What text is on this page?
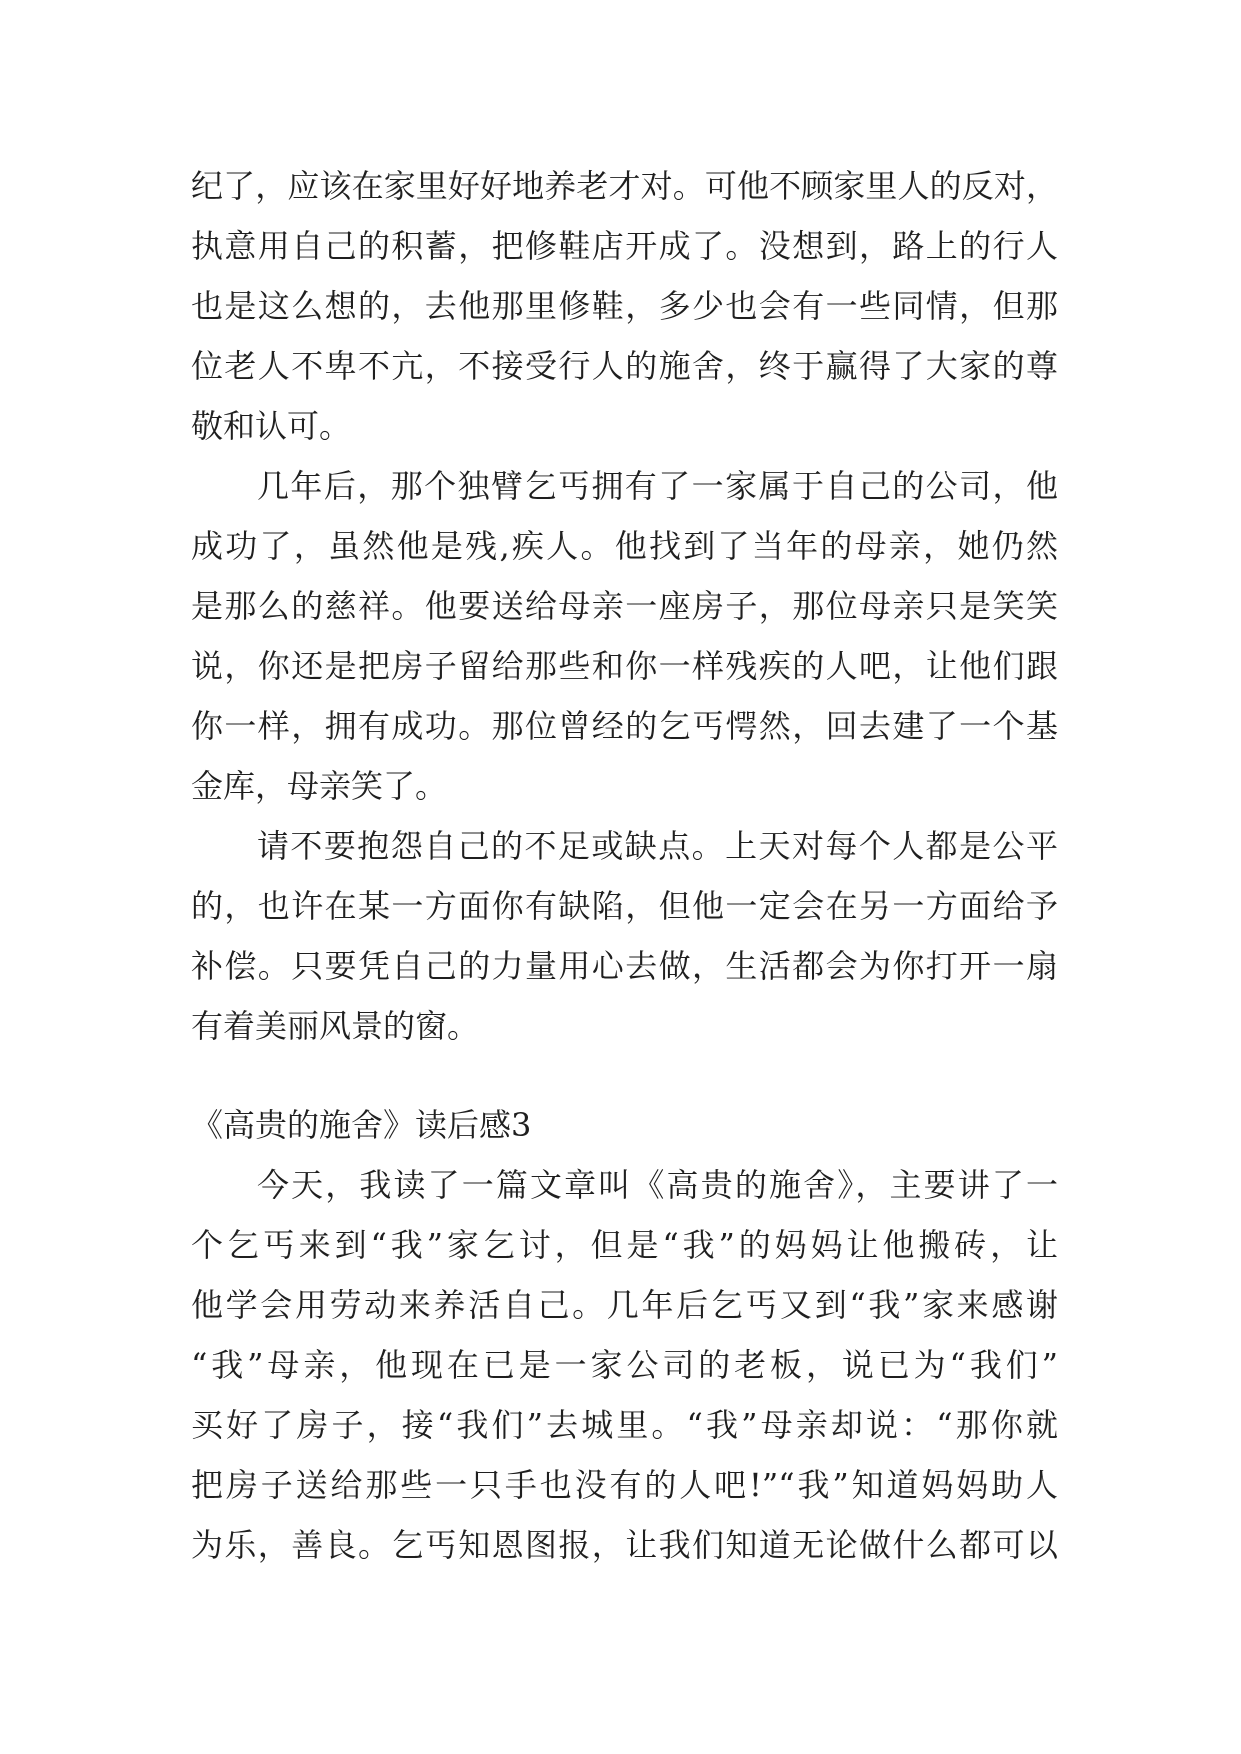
纪了，应该在家里好好地养老才对。可他不顾家里人的反对，
执意用自己的积蓄，把修鞋店开成了。没想到，路上的行人
也是这么想的，去他那里修鞋，多少也会有一些同情，但那
位老人不卑不亢，不接受行人的施舍，终于赢得了大家的尊
敬和认可。
几年后，那个独臂乞丐拥有了一家属于自己的公司，他
成功了，虽然他是残,疾人。他找到了当年的母亲，她仍然
是那么的慈祥。他要送给母亲一座房子，那位母亲只是笑笑
说，你还是把房子留给那些和你一样残疾的人吧，让他们跟
你一样，拥有成功。那位曾经的乞丐愕然，回去建了一个基
金库，母亲笑了。
请不要抱怨自己的不足或缺点。上天对每个人都是公平
的，也许在某一方面你有缺陷，但他一定会在另一方面给予
补偿。只要凭自己的力量用心去做，生活都会为你打开一扇
有着美丽风景的窗。
《高贵的施舍》读后感3
今天，我读了一篇文章叫《高贵的施舍》，主要讲了一
个乞丐来到“我”家乞讨，但是“我”的妈妈让他搬砖，让
他学会用劳动来养活自己。几年后乞丐又到“我”家来感谢
“我”母亲，他现在已是一家公司的老板，说已为“我们”
买好了房子，接“我们”去城里。“我”母亲却说：“那你就
把房子送给那些一只手也没有的人吧!”“我”知道妈妈助人
为乐，善良。乞丐知恩图报，让我们知道无论做什么都可以
